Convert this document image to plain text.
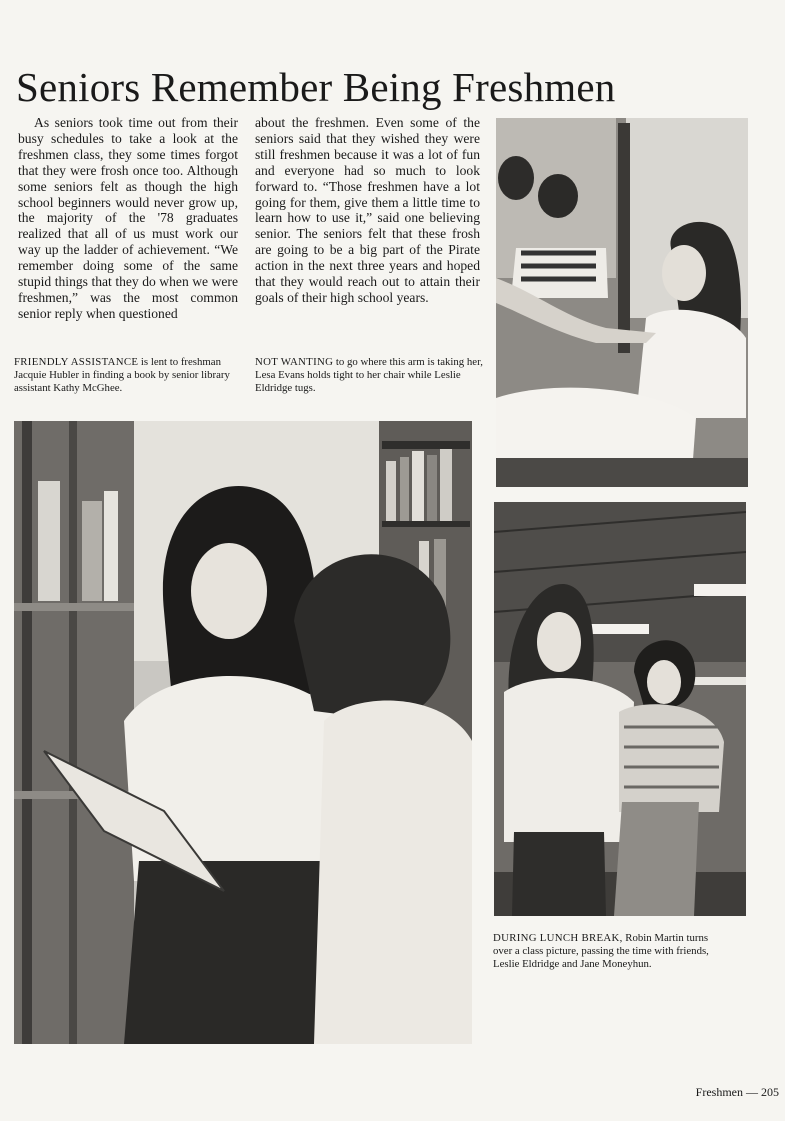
Seniors Remember Being Freshmen

As seniors took time out from their busy schedules to take a look at the freshmen class, they some times forgot that they were frosh once too. Although some seniors felt as though the high school beginners would never grow up, the majority of the '78 graduates realized that all of us must work our way up the ladder of achievement. “We remember doing some of the same stupid things that they do when we were freshmen,” was the most common senior reply when questioned

about the freshmen. Even some of the seniors said that they wished they were still freshmen because it was a lot of fun and everyone had so much to look forward to. “Those freshmen have a lot going for them, give them a little time to learn how to use it,” said one believing senior. The seniors felt that these frosh are going to be a big part of the Pirate action in the next three years and hoped that they would reach out to attain their goals of their high school years.

FRIENDLY ASSISTANCE is lent to freshman Jacquie Hubler in finding a book by senior library assistant Kathy McGhee.

NOT WANTING to go where this arm is taking her, Lesa Evans holds tight to her chair while Leslie Eldridge tugs.

DURING LUNCH BREAK, Robin Martin turns over a class picture, passing the time with friends, Leslie Eldridge and Jane Moneyhun.

Freshmen — 205
